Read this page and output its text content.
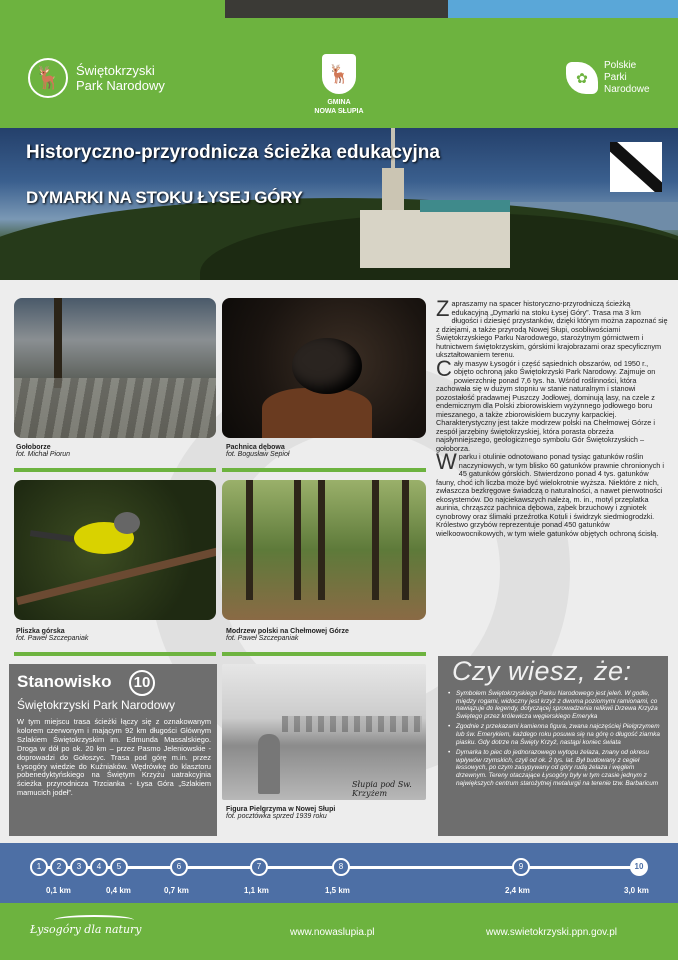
🦌	Świętokrzyski
Park Narodowy
🦌
GMINA
NOWA SŁUPIA
✿
Polskie
Parki
Narodowe
Historyczno-przyrodnicza ścieżka edukacyjna
DYMARKI NA STOKU ŁYSEJ GÓRY
Gołoborze
fot. Michał Piorun
Pachnica dębowa
fot. Bogusław Sepioł
Pliszka górska
fot. Paweł Szczepaniak
Modrzew polski na Chełmowej Górze
fot. Paweł Szczepaniak

Zapraszamy na spacer historyczno-przyrodniczą ścieżką edukacyjną „Dymarki na stoku Łysej Góry”. Trasa ma 3 km długości i dziesięć przystanków, dzięki którym można zapoznać się z dziejami, a także przyrodą Nowej Słupi, osobliwościami Świętokrzyskiego Parku Narodowego, starożytnym górnictwem i hutnictwem świętokrzyskim, górskimi krajobrazami oraz specyficznym ukształtowaniem terenu.

Cały masyw Łysogór i część sąsiednich obszarów, od 1950 r., objęto ochroną jako Świętokrzyski Park Narodowy. Zajmuje on powierzchnię ponad 7,6 tys. ha. Wśród roślinności, która zachowała się w dużym stopniu w stanie naturalnym i stanowi pozostałość pradawnej Puszczy Jodłowej, dominują lasy, na czele z endemicznym dla Polski zbiorowiskiem wyżynnego jodłowego boru mieszanego, a także zbiorowiskiem buczyny karpackiej. Charakterystyczny jest także modrzew polski na Chełmowej Górze i zespół jarzębiny świętokrzyskiej, która porasta obrzeża najsłynniejszego, geologicznego symbolu Gór Świętokrzyskich – gołoborza.

W parku i otulinie odnotowano ponad tysiąc gatunków roślin naczyniowych, w tym blisko 60 gatunków prawnie chronionych i 45 gatunków górskich. Stwierdzono ponad 4 tys. gatunków fauny, choć ich liczba może być wielokrotnie wyższa. Niektóre z nich, zwłaszcza bezkręgowe świadczą o naturalności, a nawet pierwotności ekosystemów. Do najciekawszych należą, m. in., motyl przeplatka aurinia, chrząszcz pachnica dębowa, ząbek brzuchowy i zgniotek cynobrowy oraz ślimaki przeźrotka Kotuli i świdrzyk siedmiogrodzki. Królestwo grzybów reprezentuje ponad 450 gatunków wielkoowocnikowych, w tym wiele gatunków objętych ochroną ścisłą.

Stanowisko	10
Świętokrzyski Park Narodowy
W tym miejscu trasa ścieżki łączy się z oznakowanym kolorem czerwonym i mającym 92 km długości Głównym Szlakiem Świętokrzyskim im. Edmunda Massalskiego. Droga w dół po ok. 20 km – przez Pasmo Jeleniowskie - doprowadzi do Gołoszyc. Trasa pod górę m.in. przez Łysogóry wiedzie do Kuźniaków. Wędrówkę do klasztoru pobenedyktyńskiego na Świętym Krzyżu uatrakcyjnia ścieżka przyrodnicza Trzcianka - Łysa Góra „Szlakiem mamucich jodeł”.
Słupia pod Sw. Krzyżem
Figura Pielgrzyma w Nowej Słupi
fot. pocztówka sprzed 1939 roku
Czy wiesz, że:
• Symbolem Świętokrzyskiego Parku Narodowego jest jeleń. W godle, między rogami, widoczny jest krzyż z dwoma poziomymi ramionami, co nawiązuje do legendy, dotyczącej sprowadzenia relikwii Drzewa Krzyża Świętego przez królewicza węgierskiego Emeryka
• Zgodnie z przekazami kamienna figura, zwana najczęściej Pielgrzymem lub św. Emerykiem, każdego roku posuwa się na górę o długość ziarnka piasku. Gdy dotrze na Święty Krzyż, nastąpi koniec świata
• Dymarka to piec do jednorazowego wytopu żelaza, znany od okresu wpływów rzymskich, czyli od ok. 2 tys. lat. Był budowany z cegieł lessowych, po czym zasypywany od góry rudą żelaza i węglem drzewnym. Tereny otaczające Łysogóry były w tym czasie jednym z największych centrum starożytnej metalurgii na terenie tzw. Barbaricum
1	2	3	4	5	6	7	8	9	10
0,1 km	0,4 km	0,7 km	1,1 km	1,5 km	2,4 km	3,0 km
Łysogóry dla natury	www.nowaslupia.pl	www.swietokrzyski.ppn.gov.pl
